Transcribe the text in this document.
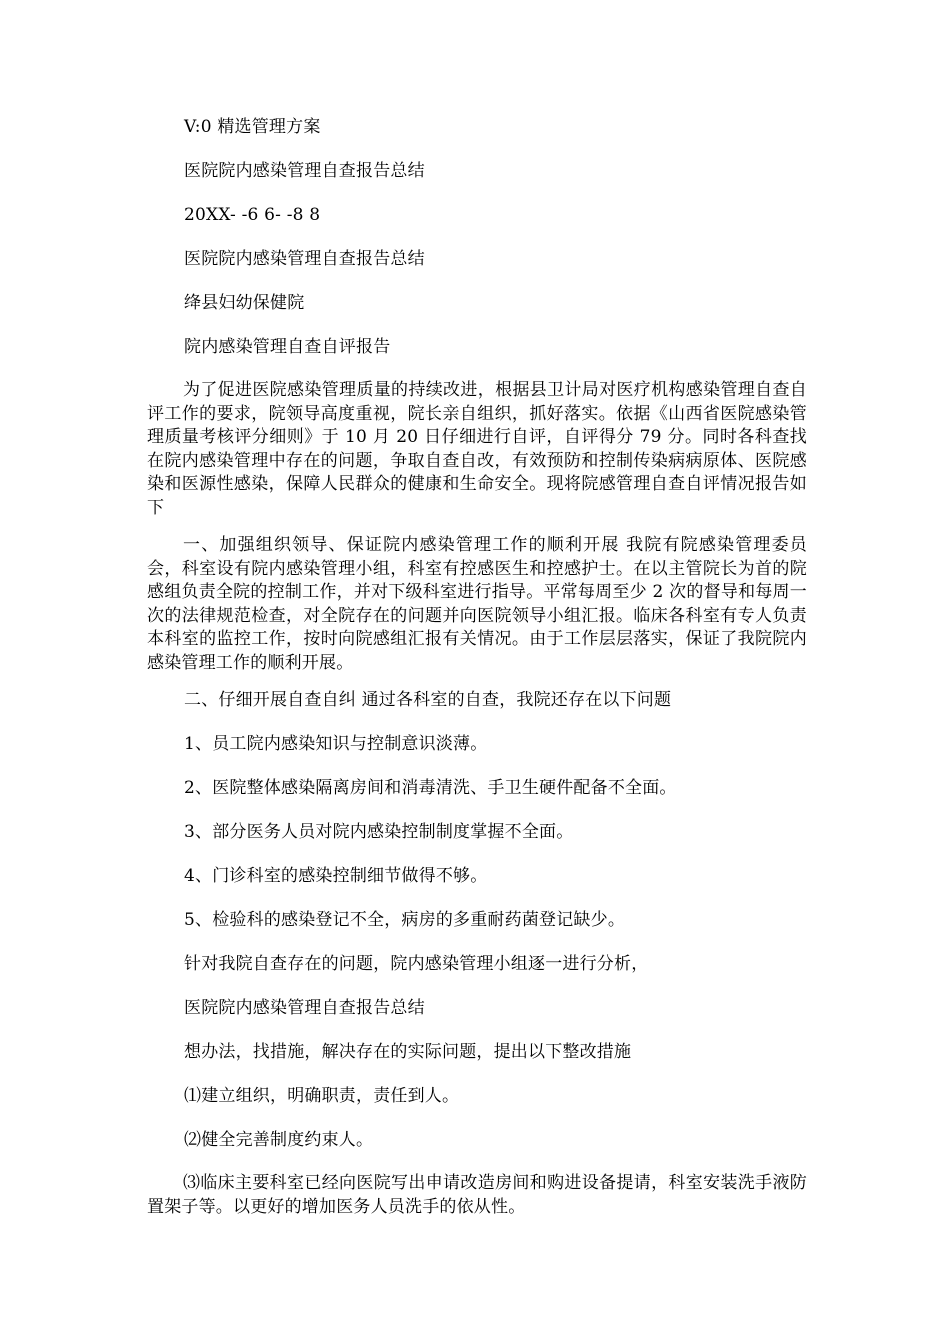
V:0 精选管理方案
医院院内感染管理自查报告总结
20XX- -6 6- -8 8
医院院内感染管理自查报告总结
绛县妇幼保健院
院内感染管理自查自评报告

为了促进医院感染管理质量的持续改进，根据县卫计局对医疗机构感染管理自查自评工作的要求，院领导高度重视，院长亲自组织，抓好落实。依据《山西省医院感染管理质量考核评分细则》于 10 月 20 日仔细进行自评，自评得分 79 分。同时各科查找在院内感染管理中存在的问题，争取自查自改，有效预防和控制传染病病原体、医院感染和医源性感染，保障人民群众的健康和生命安全。现将院感管理自查自评情况报告如下

一、加强组织领导、保证院内感染管理工作的顺利开展 我院有院感染管理委员会，科室设有院内感染管理小组，科室有控感医生和控感护士。在以主管院长为首的院感组负责全院的控制工作，并对下级科室进行指导。平常每周至少 2 次的督导和每周一次的法律规范检查，对全院存在的问题并向医院领导小组汇报。临床各科室有专人负责本科室的监控工作，按时向院感组汇报有关情况。由于工作层层落实，保证了我院院内感染管理工作的顺利开展。

二、仔细开展自查自纠 通过各科室的自查，我院还存在以下问题
1、员工院内感染知识与控制意识淡薄。
2、医院整体感染隔离房间和消毒清洗、手卫生硬件配备不全面。
3、部分医务人员对院内感染控制制度掌握不全面。
4、门诊科室的感染控制细节做得不够。
5、检验科的感染登记不全，病房的多重耐药菌登记缺少。
针对我院自查存在的问题，院内感染管理小组逐一进行分析，
医院院内感染管理自查报告总结
想办法，找措施，解决存在的实际问题，提出以下整改措施
⑴建立组织，明确职责，责任到人。
⑵健全完善制度约束人。

⑶临床主要科室已经向医院写出申请改造房间和购进设备提请，科室安装洗手液防置架子等。以更好的增加医务人员洗手的依从性。
